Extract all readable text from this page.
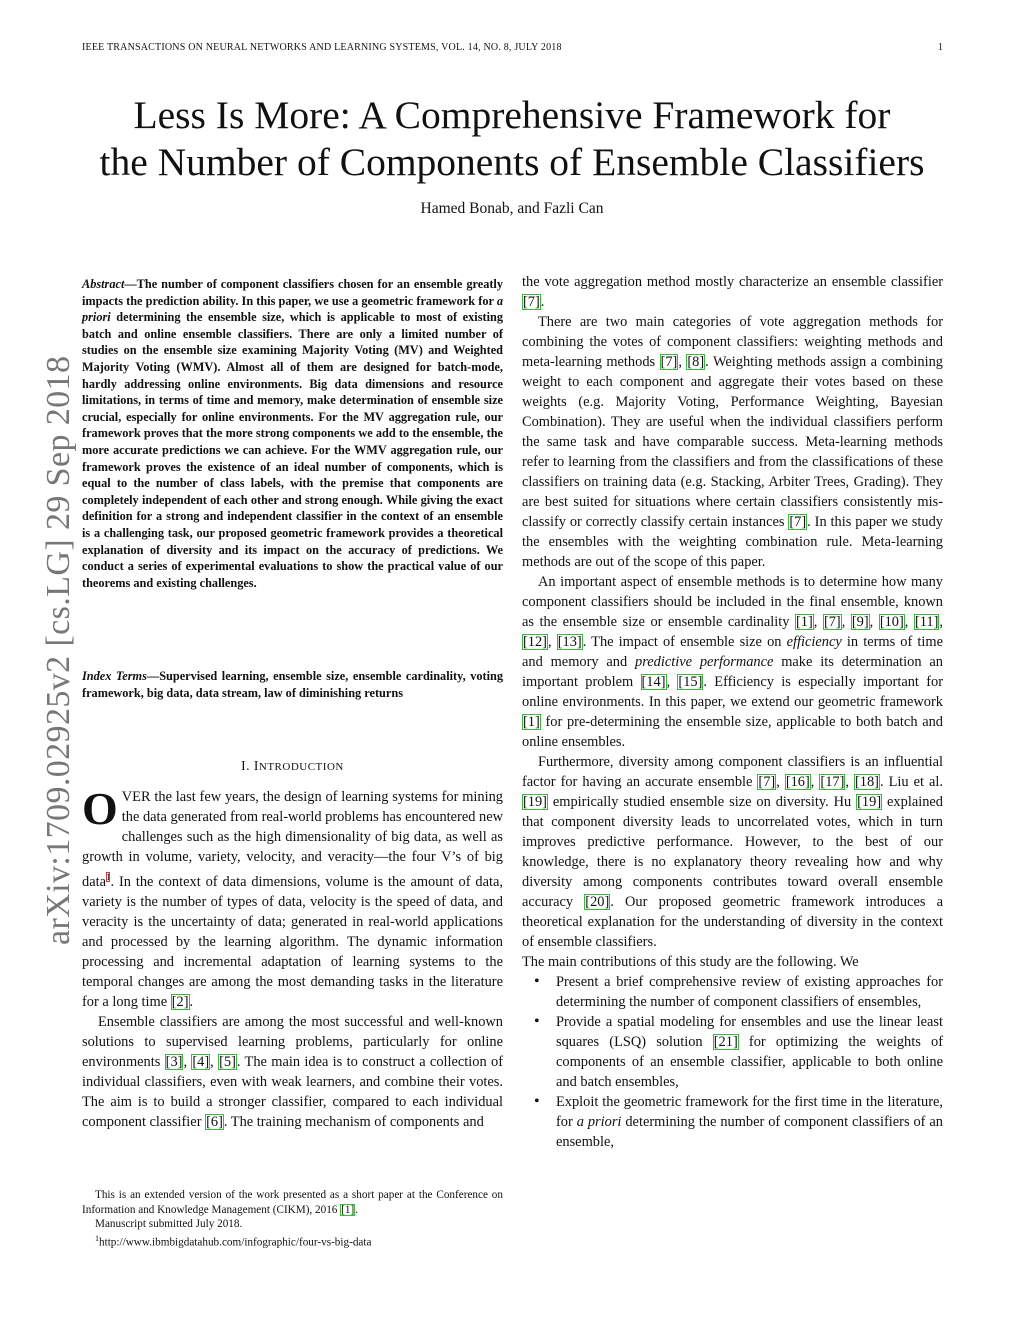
IEEE TRANSACTIONS ON NEURAL NETWORKS AND LEARNING SYSTEMS, VOL. 14, NO. 8, JULY 2018	1
Less Is More: A Comprehensive Framework for
the Number of Components of Ensemble Classifiers
Hamed Bonab, and Fazli Can
arXiv:1709.02925v2 [cs.LG] 29 Sep 2018
Abstract—The number of component classifiers chosen for an ensemble greatly impacts the prediction ability. In this paper, we use a geometric framework for a priori determining the ensemble size, which is applicable to most of existing batch and online ensemble classifiers. There are only a limited number of studies on the ensemble size examining Majority Voting (MV) and Weighted Majority Voting (WMV). Almost all of them are designed for batch-mode, hardly addressing online environments. Big data dimensions and resource limitations, in terms of time and memory, make determination of ensemble size crucial, especially for online environments. For the MV aggregation rule, our framework proves that the more strong components we add to the ensemble, the more accurate predictions we can achieve. For the WMV aggregation rule, our framework proves the existence of an ideal number of components, which is equal to the number of class labels, with the premise that components are completely independent of each other and strong enough. While giving the exact definition for a strong and independent classifier in the context of an ensemble is a challenging task, our proposed geometric framework provides a theoretical explanation of diversity and its impact on the accuracy of predictions. We conduct a series of experimental evaluations to show the practical value of our theorems and existing challenges.
Index Terms—Supervised learning, ensemble size, ensemble cardinality, voting framework, big data, data stream, law of diminishing returns
I. INTRODUCTION

OVER the last few years, the design of learning systems for mining the data generated from real-world problems has encountered new challenges such as the high dimensionality of big data, as well as growth in volume, variety, velocity, and veracity—the four V’s of big data$^1$. In the context of data dimensions, volume is the amount of data, variety is the number of types of data, velocity is the speed of data, and veracity is the uncertainty of data; generated in real-world applications and processed by the learning algorithm. The dynamic information processing and incremental adaptation of learning systems to the temporal changes are among the most demanding tasks in the literature for a long time [2].

Ensemble classifiers are among the most successful and well-known solutions to supervised learning problems, particularly for online environments [3], [4], [5]. The main idea is to construct a collection of individual classifiers, even with weak learners, and combine their votes. The aim is to build a stronger classifier, compared to each individual component classifier [6]. The training mechanism of components and

the vote aggregation method mostly characterize an ensemble classifier [7].

There are two main categories of vote aggregation methods for combining the votes of component classifiers: weighting methods and meta-learning methods [7], [8]. Weighting methods assign a combining weight to each component and aggregate their votes based on these weights (e.g. Majority Voting, Performance Weighting, Bayesian Combination). They are useful when the individual classifiers perform the same task and have comparable success. Meta-learning methods refer to learning from the classifiers and from the classifications of these classifiers on training data (e.g. Stacking, Arbiter Trees, Grading). They are best suited for situations where certain classifiers consistently mis-classify or correctly classify certain instances [7]. In this paper we study the ensembles with the weighting combination rule. Meta-learning methods are out of the scope of this paper.

An important aspect of ensemble methods is to determine how many component classifiers should be included in the final ensemble, known as the ensemble size or ensemble cardinality [1], [7], [9], [10], [11], [12], [13]. The impact of ensemble size on efficiency in terms of time and memory and predictive performance make its determination an important problem [14], [15]. Efficiency is especially important for online environments. In this paper, we extend our geometric framework [1] for pre-determining the ensemble size, applicable to both batch and online ensembles.

Furthermore, diversity among component classifiers is an influential factor for having an accurate ensemble [7], [16], [17], [18]. Liu et al. [19] empirically studied ensemble size on diversity. Hu [19] explained that component diversity leads to uncorrelated votes, which in turn improves predictive performance. However, to the best of our knowledge, there is no explanatory theory revealing how and why diversity among components contributes toward overall ensemble accuracy [20]. Our proposed geometric framework introduces a theoretical explanation for the understanding of diversity in the context of ensemble classifiers.

The main contributions of this study are the following. We

• Present a brief comprehensive review of existing approaches for determining the number of component classifiers of ensembles,
• Provide a spatial modeling for ensembles and use the linear least squares (LSQ) solution [21] for optimizing the weights of components of an ensemble classifier, applicable to both online and batch ensembles,
• Exploit the geometric framework for the first time in the literature, for a priori determining the number of component classifiers of an ensemble,

This is an extended version of the work presented as a short paper at the Conference on Information and Knowledge Management (CIKM), 2016 [1].

Manuscript submitted July 2018.

$^1$http://www.ibmbigdatahub.com/infographic/four-vs-big-data
